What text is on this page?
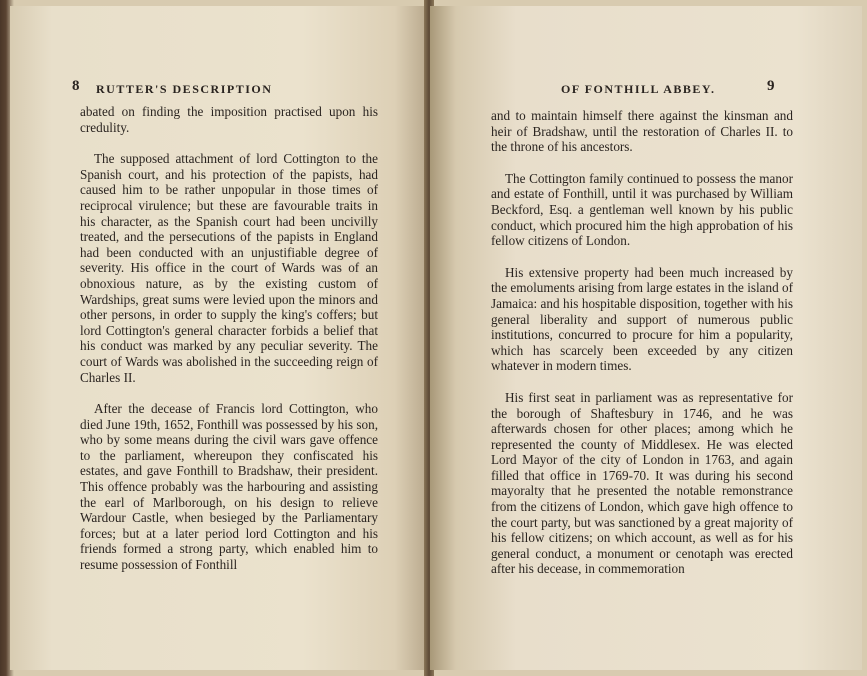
8 RUTTER'S DESCRIPTION

abated on finding the imposition practised upon his credulity.

The supposed attachment of lord Cottington to the Spanish court, and his protection of the papists, had caused him to be rather unpopular in those times of reciprocal virulence; but these are favourable traits in his character, as the Spanish court had been uncivilly treated, and the persecutions of the papists in England had been conducted with an unjustifiable degree of severity. His office in the court of Wards was of an obnoxious nature, as by the existing custom of Wardships, great sums were levied upon the minors and other persons, in order to supply the king's coffers; but lord Cottington's general character forbids a belief that his conduct was marked by any peculiar severity. The court of Wards was abolished in the succeeding reign of Charles II.

After the decease of Francis lord Cottington, who died June 19th, 1652, Fonthill was possessed by his son, who by some means during the civil wars gave offence to the parliament, whereupon they confiscated his estates, and gave Fonthill to Bradshaw, their president. This offence probably was the harbouring and assisting the earl of Marlborough, on his design to relieve Wardour Castle, when besieged by the Parliamentary forces; but at a later period lord Cottington and his friends formed a strong party, which enabled him to resume possession of Fonthill

OF FONTHILL ABBEY.	9

and to maintain himself there against the kinsman and heir of Bradshaw, until the restoration of Charles II. to the throne of his ancestors.

The Cottington family continued to possess the manor and estate of Fonthill, until it was purchased by William Beckford, Esq. a gentleman well known by his public conduct, which procured him the high approbation of his fellow citizens of London.

His extensive property had been much increased by the emoluments arising from large estates in the island of Jamaica: and his hospitable disposition, together with his general liberality and support of numerous public institutions, concurred to procure for him a popularity, which has scarcely been exceeded by any citizen whatever in modern times.

His first seat in parliament was as representative for the borough of Shaftesbury in 1746, and he was afterwards chosen for other places; among which he represented the county of Middlesex. He was elected Lord Mayor of the city of London in 1763, and again filled that office in 1769-70. It was during his second mayoralty that he presented the notable remonstrance from the citizens of London, which gave high offence to the court party, but was sanctioned by a great majority of his fellow citizens; on which account, as well as for his general conduct, a monument or cenotaph was erected after his decease, in commemoration
